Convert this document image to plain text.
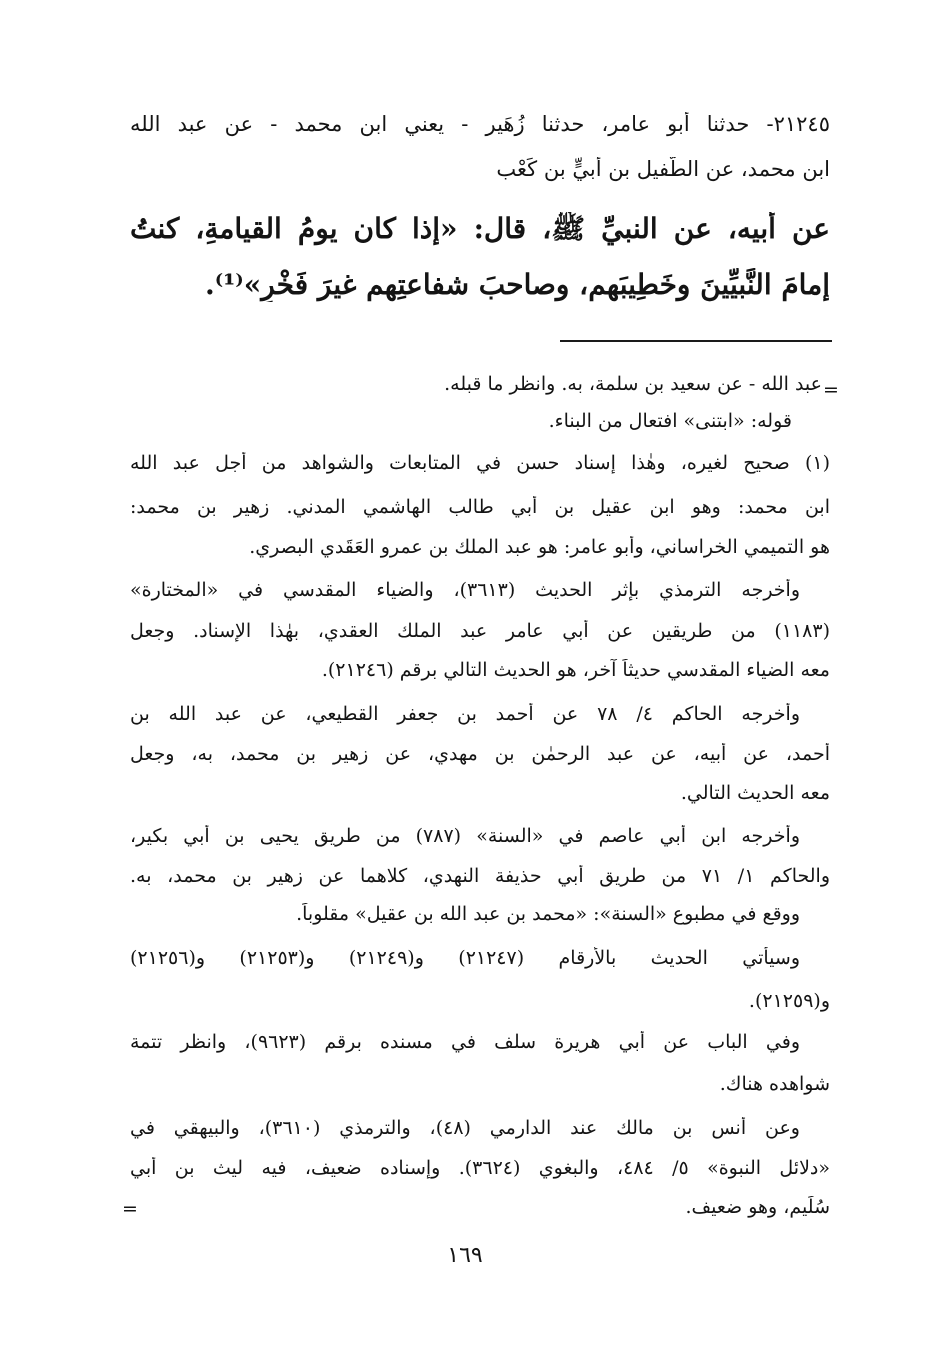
٢١٢٤٥- حدثنا أبو عامر، حدثنا زُهَير - يعني ابن محمد - عن عبد الله
ابن محمد، عن الطُّفيل بن أُبيٍّ بن كَعْب
عن أبيه، عن النبيِّ ﷺ، قال: «إذا كان يومُ القيامةِ، كنتُ
إمامَ النَّبيِّينَ وخَطِيبَهم، وصاحبَ شفاعتِهم غيرَ فَخْرٍ»⁽¹⁾.
=
عبد الله - عن سعيد بن سلمة، به. وانظر ما قبله.
قوله: «ابتنى» افتعال من البناء.
(١) صحيح لغيره، وهٰذا إسناد حسن في المتابعات والشواهد من أجل عبد الله
ابن محمد: وهو ابن عقيل بن أبي طالب الهاشمي المدني. زهير بن محمد:
هو التميمي الخراساني، وأبو عامر: هو عبد الملك بن عمرو العَقَدي البصري.
وأخرجه الترمذي بإثر الحديث (٣٦١٣)، والضياء المقدسي في «المختارة»
(١١٨٣) من طريقين عن أبي عامر عبد الملك العقدي، بهٰذا الإسناد. وجعل
معه الضياء المقدسي حديثاً آخر، هو الحديث التالي برقم (٢١٢٤٦).
وأخرجه الحاكم ٤/ ٧٨ عن أحمد بن جعفر القطيعي، عن عبد الله بن
أحمد، عن أبيه، عن عبد الرحمٰن بن مهدي، عن زهير بن محمد، به، وجعل
معه الحديث التالي.
وأخرجه ابن أبي عاصم في «السنة» (٧٨٧) من طريق يحيى بن أبي بكير،
والحاكم ١/ ٧١ من طريق أبي حذيفة النهدي، كلاهما عن زهير بن محمد، به.
ووقع في مطبوع «السنة»: «محمد بن عبد الله بن عقيل» مقلوباً.
وسيأتي الحديث بالأرقام (٢١٢٤٧) و(٢١٢٤٩) و(٢١٢٥٣) و(٢١٢٥٦)
و(٢١٢٥٩).
وفي الباب عن أبي هريرة سلف في مسنده برقم (٩٦٢٣)، وانظر تتمة
شواهده هناك.
وعن أنس بن مالك عند الدارمي (٤٨)، والترمذي (٣٦١٠)، والبيهقي في
«دلائل النبوة» ٥/ ٤٨٤، والبغوي (٣٦٢٤). وإسناده ضعيف، فيه ليث بن أبي
سُلَيم، وهو ضعيف.
=
١٦٩
